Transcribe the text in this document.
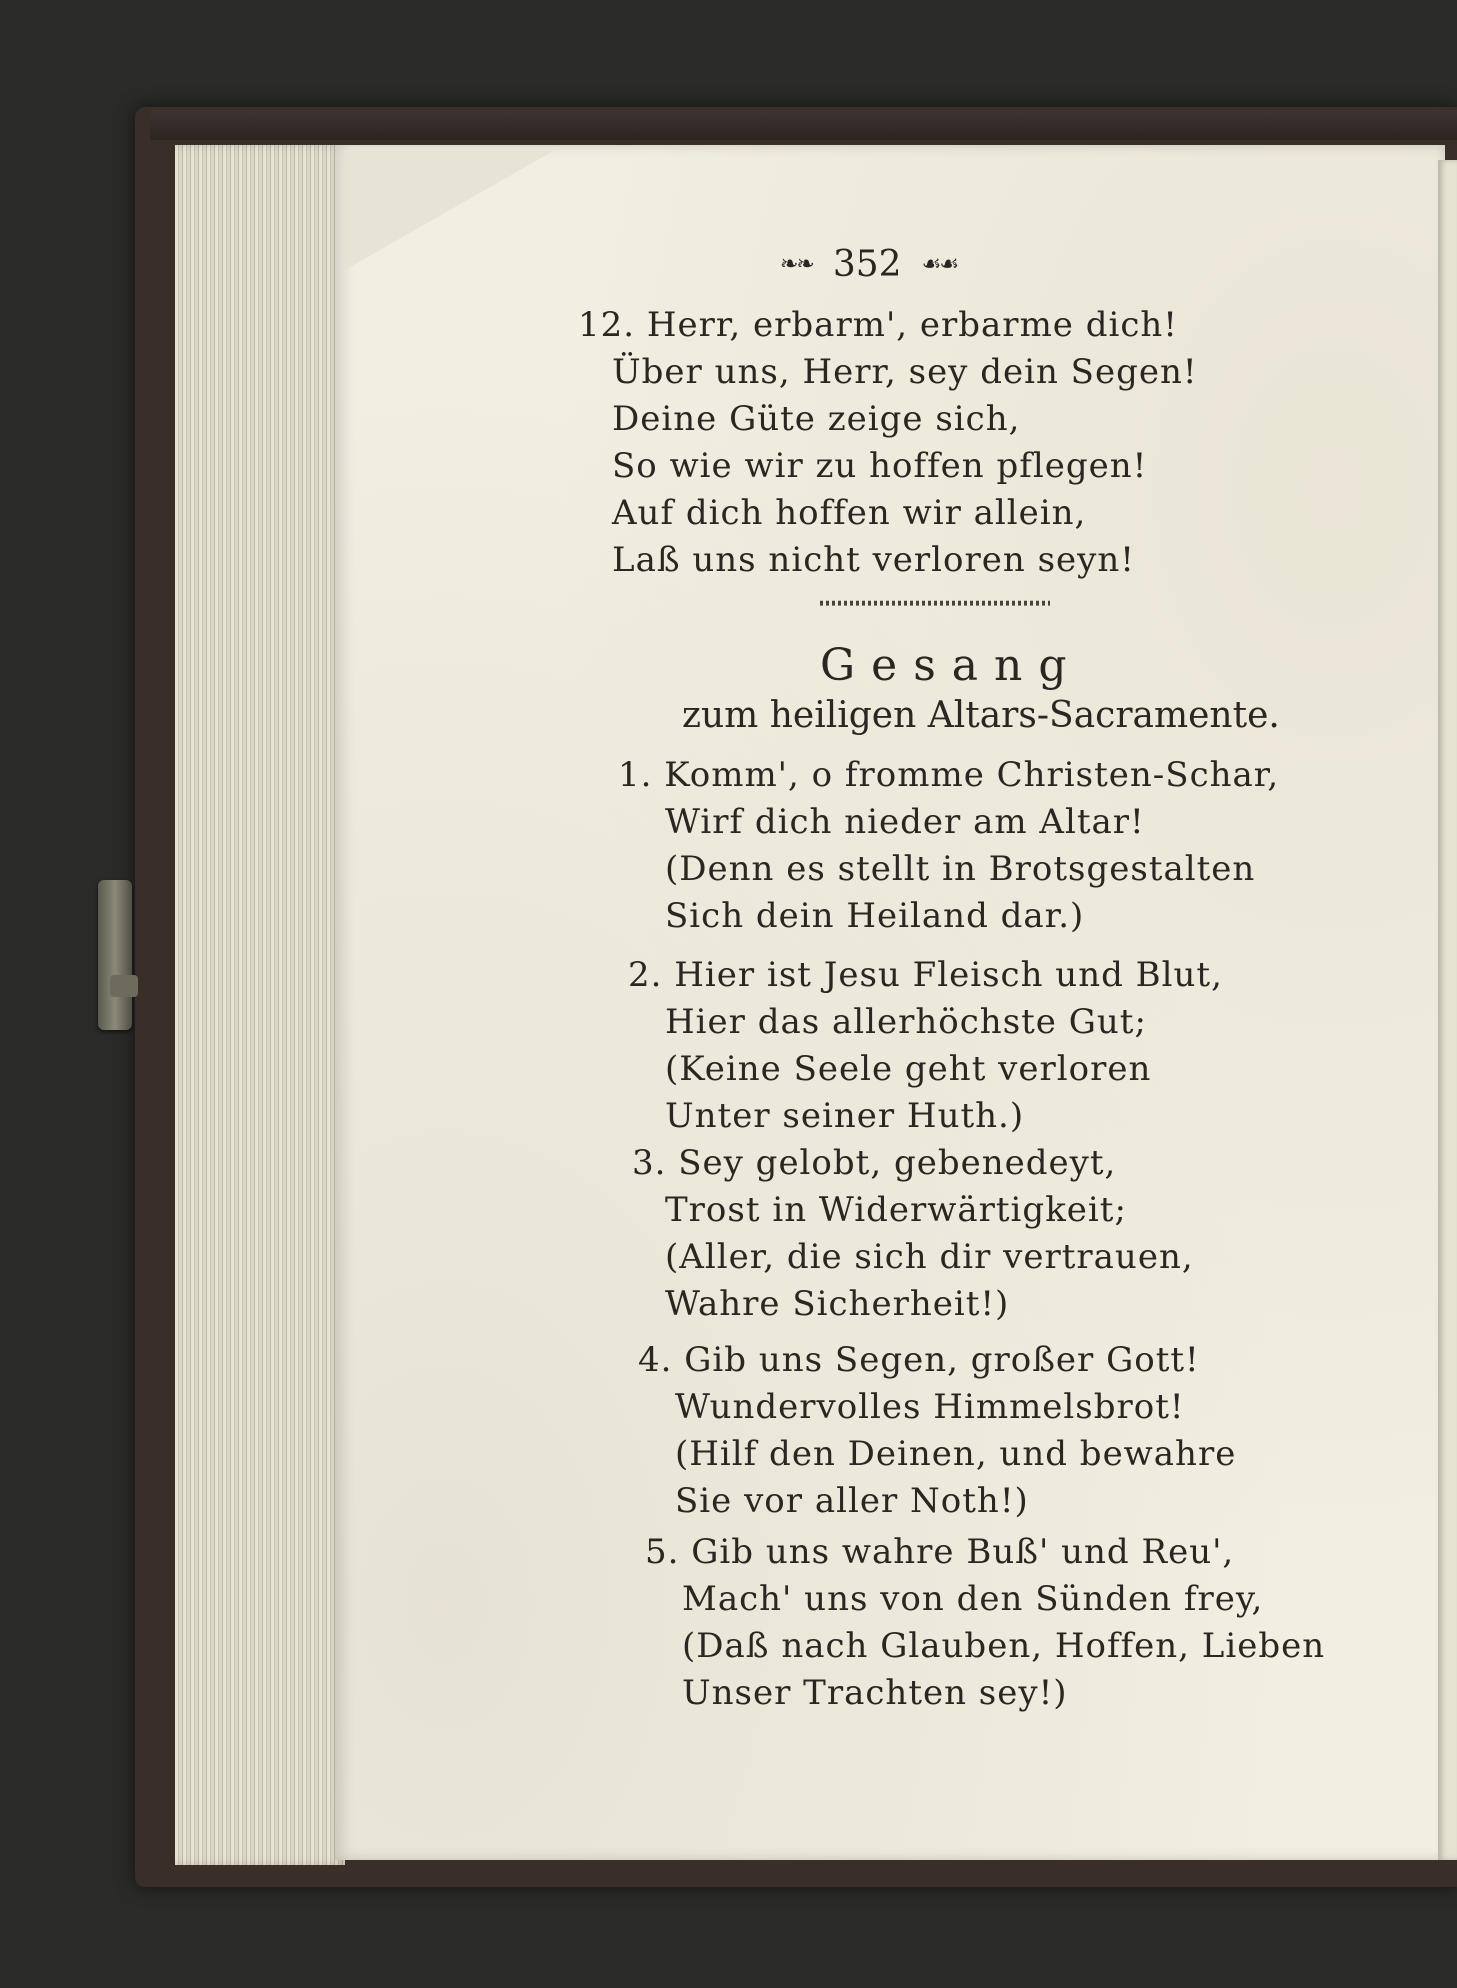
❧❧ 352 ☙☙
12. Herr, erbarm', erbarme dich!
Über uns, Herr, sey dein Segen!
Deine Güte zeige sich,
So wie wir zu hoffen pflegen!
Auf dich hoffen wir allein,
Laß uns nicht verloren seyn!
Gesang
zum heiligen Altars-Sacramente.
1. Komm', o fromme Christen-Schar,
Wirf dich nieder am Altar!
(Denn es stellt in Brotsgestalten
Sich dein Heiland dar.)
2. Hier ist Jesu Fleisch und Blut,
Hier das allerhöchste Gut;
(Keine Seele geht verloren
Unter seiner Huth.)
3. Sey gelobt, gebenedeyt,
Trost in Widerwärtigkeit;
(Aller, die sich dir vertrauen,
Wahre Sicherheit!)
4. Gib uns Segen, großer Gott!
Wundervolles Himmelsbrot!
(Hilf den Deinen, und bewahre
Sie vor aller Noth!)
5. Gib uns wahre Buß' und Reu',
Mach' uns von den Sünden frey,
(Daß nach Glauben, Hoffen, Lieben
Unser Trachten sey!)
